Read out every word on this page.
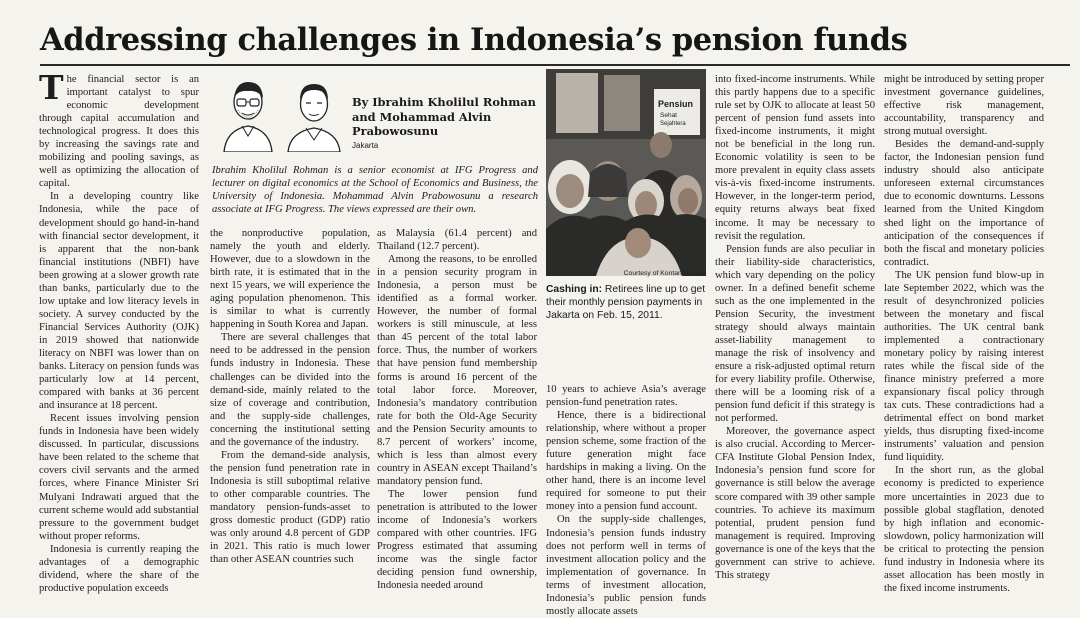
Addressing challenges in Indonesia’s pension funds

The financial sector is an important catalyst to spur economic development through capital accumulation and technological progress. It does this by increasing the savings rate and mobilizing and pooling savings, as well as optimizing the allocation of capital.

In a developing country like Indonesia, while the pace of development should go hand-in-hand with financial sector development, it is apparent that the non-bank financial institutions (NBFI) have been growing at a slower growth rate than banks, particularly due to the low uptake and low literacy levels in society. A survey conducted by the Financial Services Authority (OJK) in 2019 showed that nationwide literacy on NBFI was lower than on banks. Literacy on pension funds was particularly low at 14 percent, compared with banks at 36 percent and insurance at 18 percent.

Recent issues involving pension funds in Indonesia have been widely discussed. In particular, discussions have been related to the scheme that covers civil servants and the armed forces, where Finance Minister Sri Mulyani Indrawati argued that the current scheme would add substantial pressure to the government budget without proper reforms.

Indonesia is currently reaping the advantages of a demographic dividend, where the share of the productive population exceeds

By Ibrahim Kholilul Rohman and Mohammad Alvin Prabowosunu
Jakarta
Ibrahim Kholilul Rohman is a senior economist at IFG Progress and lecturer on digital economics at the School of Economics and Business, the University of Indonesia. Mohammad Alvin Prabowosunu a research associate at IFG Progress. The views expressed are their own.

the nonproductive population, namely the youth and elderly. However, due to a slowdown in the birth rate, it is estimated that in the next 15 years, we will experience the aging population phenomenon. This is similar to what is currently happening in South Korea and Japan.

There are several challenges that need to be addressed in the pension funds industry in Indonesia. These challenges can be divided into the demand-side, mainly related to the size of coverage and contribution, and the supply-side challenges, concerning the institutional setting and the governance of the industry.

From the demand-side analysis, the pension fund penetration rate in Indonesia is still suboptimal relative to other comparable countries. The mandatory pension-funds-asset to gross domestic product (GDP) ratio was only around 4.8 percent of GDP in 2021. This ratio is much lower than other ASEAN countries such

as Malaysia (61.4 percent) and Thailand (12.7 percent).

Among the reasons, to be enrolled in a pension security program in Indonesia, a person must be identified as a formal worker. However, the number of formal workers is still minuscule, at less than 45 percent of the total labor force. Thus, the number of workers that have pension fund membership forms is around 16 percent of the total labor force. Moreover, Indonesia’s mandatory contribution rate for both the Old-Age Security and the Pension Security amounts to 8.7 percent of workers’ income, which is less than almost every country in ASEAN except Thailand’s mandatory pension fund.

The lower pension fund penetration is attributed to the lower income of Indonesia’s workers compared with other countries. IFG Progress estimated that assuming income was the single factor deciding pension fund ownership, Indonesia needed around

Pensiun
Sehat
Sejahtera
Courtesy of Kontan/Baihaki
Cashing in: Retirees line up to get their monthly pension payments in Jakarta on Feb. 15, 2011.

10 years to achieve Asia’s average pension-fund penetration rates.

Hence, there is a bidirectional relationship, where without a proper pension scheme, some fraction of the future generation might face hardships in making a living. On the other hand, there is an income level required for someone to put their money into a pension fund account.

On the supply-side challenges, Indonesia’s pension funds industry does not perform well in terms of investment allocation policy and the implementation of governance. In terms of investment allocation, Indonesia’s public pension funds mostly allocate assets

into fixed-income instruments. While this partly happens due to a specific rule set by OJK to allocate at least 50 percent of pension fund assets into fixed-income instruments, it might not be beneficial in the long run. Economic volatility is seen to be more prevalent in equity class assets vis-à-vis fixed-income instruments. However, in the longer-term period, equity returns always beat fixed income. It may be necessary to revisit the regulation.

Pension funds are also peculiar in their liability-side characteristics, which vary depending on the policy owner. In a defined benefit scheme such as the one implemented in the Pension Security, the investment strategy should always maintain asset-liability management to manage the risk of insolvency and ensure a risk-adjusted optimal return for every liability profile. Otherwise, there will be a looming risk of a pension fund deficit if this strategy is not performed.

Moreover, the governance aspect is also crucial. According to Mercer-CFA Institute Global Pension Index, Indonesia’s pension fund score for governance is still below the average score compared with 39 other sample countries. To achieve its maximum potential, prudent pension fund management is required. Improving governance is one of the keys that the government can strive to achieve. This strategy

might be introduced by setting proper investment governance guidelines, effective risk management, accountability, transparency and strong mutual oversight.

Besides the demand-and-supply factor, the Indonesian pension fund industry should also anticipate unforeseen external circumstances due to economic downturns. Lessons learned from the United Kingdom shed light on the importance of anticipation of the consequences if both the fiscal and monetary policies contradict.

The UK pension fund blow-up in late September 2022, which was the result of desynchronized policies between the monetary and fiscal authorities. The UK central bank implemented a contractionary monetary policy by raising interest rates while the fiscal side of the finance ministry preferred a more expansionary fiscal policy through tax cuts. These contradictions had a detrimental effect on bond market yields, thus disrupting fixed-income instruments’ valuation and pension fund liquidity.

In the short run, as the global economy is predicted to experience more uncertainties in 2023 due to possible global stagflation, denoted by high inflation and economic-slowdown, policy harmonization will be critical to protecting the pension fund industry in Indonesia where its asset allocation has been mostly in the fixed income instruments.
